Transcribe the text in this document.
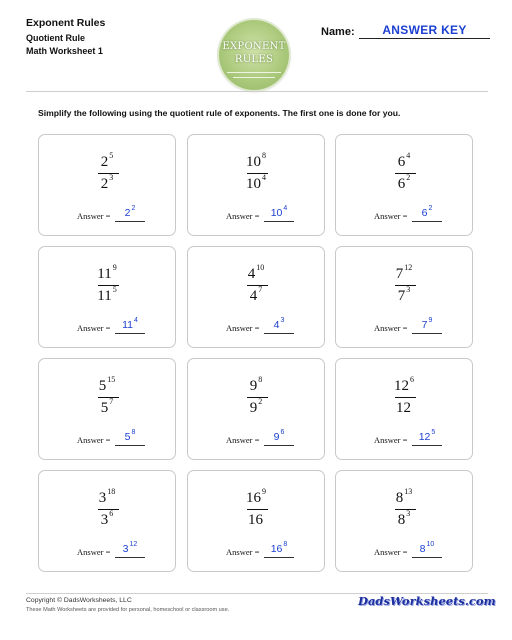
Exponent Rules
Quotient Rule
Math Worksheet 1	EXPONENT
RULES
Name:	ANSWER KEY
Simplify the following using the quotient rule of exponents. The first one is done for you.
$2^5$
$2^3$
Answer =	$2^2$
$10^8$
$10^4$
Answer =	$10^4$
$6^4$
$6^2$
Answer =	$6^2$
$11^9$
$11^5$
Answer =	$11^4$
$4^{10}$
$4^7$
Answer =	$4^3$
$7^{12}$
$7^3$
Answer =	$7^9$
$5^{15}$
$5^7$
Answer =	$5^8$
$9^8$
$9^2$
Answer =	$9^6$
$12^6$
12
Answer =	$12^5$
$3^{18}$
$3^6$
Answer =	$3^{12}$
$16^9$
16
Answer =	$16^8$
$8^{13}$
$8^3$
Answer =	$8^{10}$
Copyright © DadsWorksheets, LLC
These Math Worksheets are provided for personal, homeschool or classroom use.
DadsWorksheets.com
